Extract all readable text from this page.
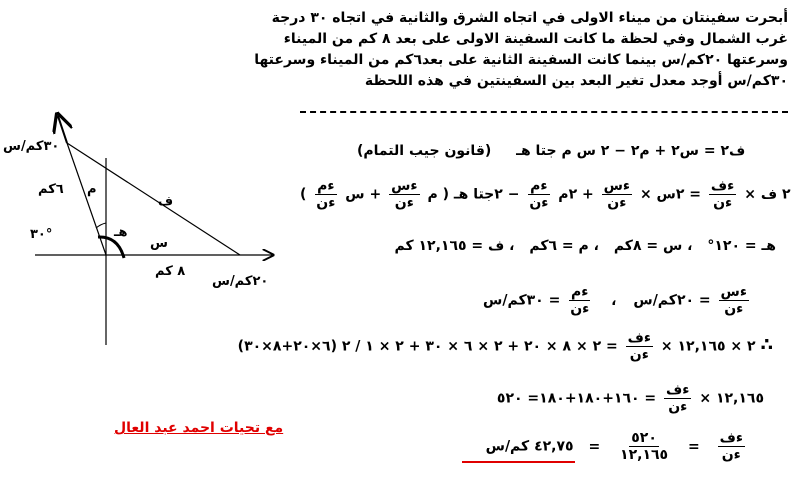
أبحرت سفينتان من ميناء الاولى في اتجاه الشرق والثانية في اتجاه ٣٠ درجة
غرب الشمال وفي لحظة ما كانت السفينة الاولى على بعد ٨ كم من الميناء
وسرعتها ٢٠كم/س بينما كانت السفينة الثانية على بعد٦كم من الميناء وسرعتها
٣٠كم/س أوجد معدل تغير البعد بين السفينتين في هذه اللحظة
٣٠كم/س
٦كم م
٣٠°	هـ
ف
س
٨ كم
٢٠كم/س
(قانون جيب التمام) ف٢ = س٢ + م٢ − ٢ س م جتا هـ
٢ ف ×
$\frac{\text{ءف}}{\text{ءن}}$
= ٢س ×
$\frac{\text{ءس}}{\text{ءن}}$
+ ٢م
$\frac{\text{ءم}}{\text{ءن}}$
− ٢جتا هـ ( م
$\frac{\text{ءس}}{\text{ءن}}$
+ س
$\frac{\text{ءم}}{\text{ءن}}$
)
هـ = ١٢٠° ، س = ٨كم ، م = ٦كم ، ف = ١٢,١٦٥ كم
$\frac{\text{ءس}}{\text{ءن}}$
= ٢٠كم/س ،
$\frac{\text{ءم}}{\text{ءن}}$
= ٣٠كم/س
∴ ٢ × ١٢,١٦٥ ×
$\frac{\text{ءف}}{\text{ءن}}$
= ٢ × ٨ × ٢٠ + ٢ × ٦ × ٣٠ + ٢ × ١ / ٢ (٦×٢٠+٨×٣٠)
١٢,١٦٥ ×
$\frac{\text{ءف}}{\text{ءن}}$
= ١٦٠+١٨٠+١٨٠= ٥٢٠
$\frac{\text{ءف}}{\text{ءن}}$
=
$\frac{٥٢٠}{١٢,١٦٥}$
= ٤٢,٧٥ كم/س
مع تحيات احمد عبد العال
